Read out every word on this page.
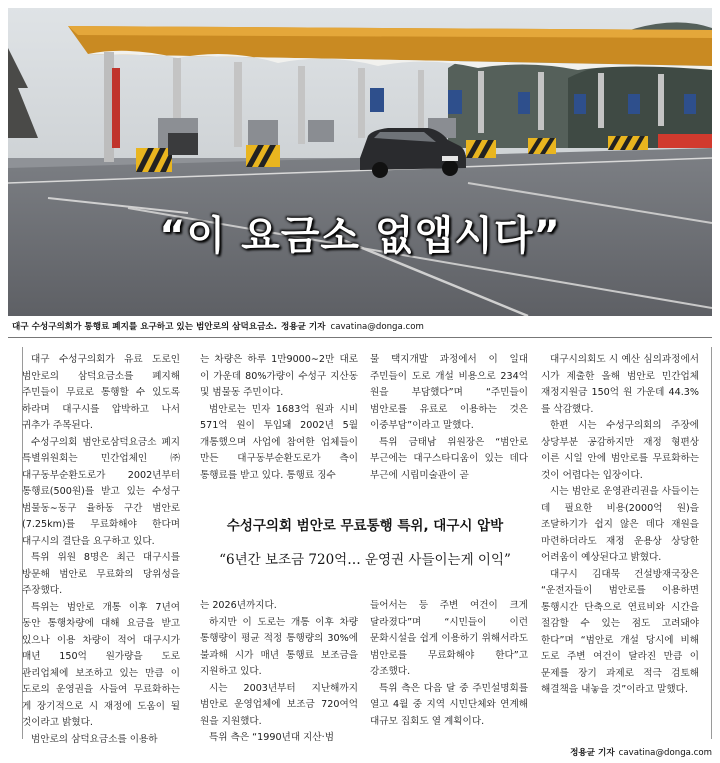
“이 요금소 없앱시다”
대구 수성구의회가 통행료 폐지를 요구하고 있는 범안로의 삼덕요금소. 정용균 기자 cavatina@donga.com

대구 수성구의회가 유료 도로인 범안로의 삼덕요금소를 폐지해 주민들이 무료로 통행할 수 있도록 하라며 대구시를 압박하고 나서 귀추가 주목된다.

수성구의회 범안로삼덕요금소 폐지 특별위원회는 민간업체인 ㈜대구동부순환도로가 2002년부터 통행료(500원)를 받고 있는 수성구 범물동∼동구 율하동 구간 범안로(7.25km)를 무료화해야 한다며 대구시의 결단을 요구하고 있다.

특위 위원 8명은 최근 대구시를 방문해 범안로 무료화의 당위성을 주장했다.

특위는 범안로 개통 이후 7년여 동안 통행차량에 대해 요금을 받고 있으나 이용 차량이 적어 대구시가 매년 150억 원가량을 도로 관리업체에 보조하고 있는 만큼 이 도로의 운영권을 사들여 무료화하는 게 장기적으로 시 재정에 도움이 될 것이라고 밝혔다.

범안로의 삼덕요금소를 이용하

는 차량은 하루 1만9000∼2만 대로 이 가운데 80%가량이 수성구 지산동 및 범물동 주민이다.

범안로는 민자 1683억 원과 시비 571억 원이 투입돼 2002년 5월 개통했으며 사업에 참여한 업체들이 만든 대구동부순환도로가 측이 통행료를 받고 있다. 통행료 징수

물 택지개발 과정에서 이 일대 주민들이 도로 개설 비용으로 234억 원을 부담했다”며 “주민들이 범안로를 유료로 이용하는 것은 이중부담”이라고 말했다.

특위 금태남 위원장은 “범안로 부근에는 대구스타디움이 있는 데다 부근에 시립미술관이 곧

수성구의회 범안로 무료통행 특위, 대구시 압박
“6년간 보조금 720억… 운영권 사들이는게 이익”

는 2026년까지다.

하지만 이 도로는 개통 이후 차량 통행량이 평균 적정 통행량의 30%에 불과해 시가 매년 통행료 보조금을 지원하고 있다.

시는 2003년부터 지난해까지 범안로 운영업체에 보조금 720여억 원을 지원했다.

특위 측은 “1990년대 지산·범

들어서는 등 주변 여건이 크게 달라졌다”며 “시민들이 이런 문화시설을 쉽게 이용하기 위해서라도 범안로를 무료화해야 한다”고 강조했다.

특위 측은 다음 달 중 주민설명회를 열고 4월 중 지역 시민단체와 연계해 대규모 집회도 열 계획이다.

대구시의회도 시 예산 심의과정에서 시가 제출한 올해 범안로 민간업체 재정지원금 150억 원 가운데 44.3%를 삭감했다.

한편 시는 수성구의회의 주장에 상당부분 공감하지만 재정 형편상 이른 시일 안에 범안로를 무료화하는 것이 어렵다는 입장이다.

시는 범안로 운영관리권을 사들이는 데 필요한 비용(2000억 원)을 조달하기가 쉽지 않은 데다 재원을 마련하더라도 재정 운용상 상당한 어려움이 예상된다고 밝혔다.

대구시 김대묵 건설방재국장은 “운전자들이 범안로를 이용하면 통행시간 단축으로 연료비와 시간을 절감할 수 있는 점도 고려돼야 한다”며 “범안로 개설 당시에 비해 도로 주변 여건이 달라진 만큼 이 문제를 장기 과제로 적극 검토해 해결책을 내놓을 것”이라고 말했다.

정용균 기자 cavatina@donga.com
